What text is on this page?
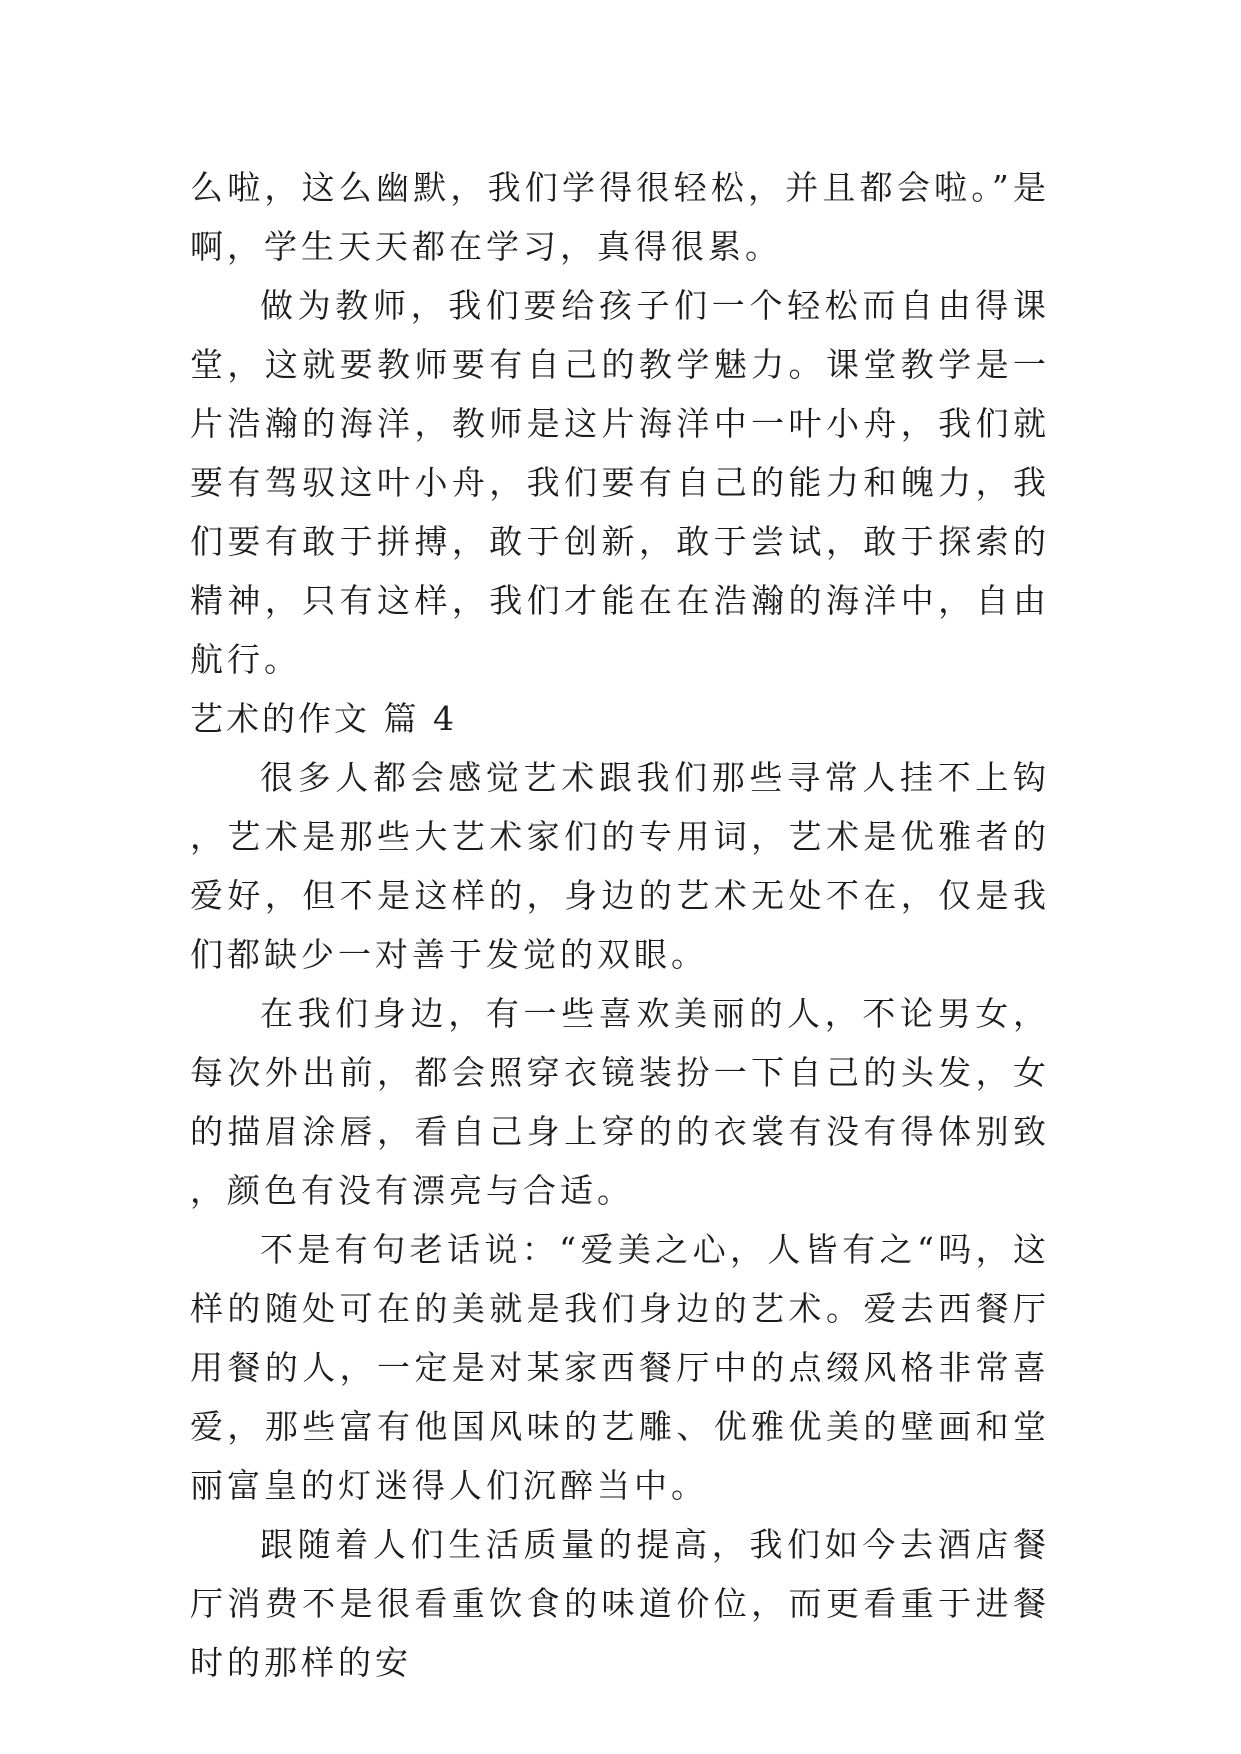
么啦，这么幽默，我们学得很轻松，并且都会啦。”是啊，学生天天都在学习，真得很累。

做为教师，我们要给孩子们一个轻松而自由得课堂，这就要教师要有自己的教学魅力。课堂教学是一片浩瀚的海洋，教师是这片海洋中一叶小舟，我们就要有驾驭这叶小舟，我们要有自己的能力和魄力，我们要有敢于拼搏，敢于创新，敢于尝试，敢于探索的精神，只有这样，我们才能在在浩瀚的海洋中，自由航行。

艺术的作文 篇 4

很多人都会感觉艺术跟我们那些寻常人挂不上钩，艺术是那些大艺术家们的专用词，艺术是优雅者的爱好，但不是这样的，身边的艺术无处不在，仅是我们都缺少一对善于发觉的双眼。

在我们身边，有一些喜欢美丽的人，不论男女，每次外出前，都会照穿衣镜装扮一下自己的头发，女的描眉涂唇，看自己身上穿的的衣裳有没有得体别致，颜色有没有漂亮与合适。

不是有句老话说：“爱美之心，人皆有之“吗，这样的随处可在的美就是我们身边的艺术。爱去西餐厅用餐的人，一定是对某家西餐厅中的点缀风格非常喜爱，那些富有他国风味的艺雕、优雅优美的壁画和堂丽富皇的灯迷得人们沉醉当中。

跟随着人们生活质量的提高，我们如今去酒店餐厅消费不是很看重饮食的味道价位，而更看重于进餐时的那样的安
